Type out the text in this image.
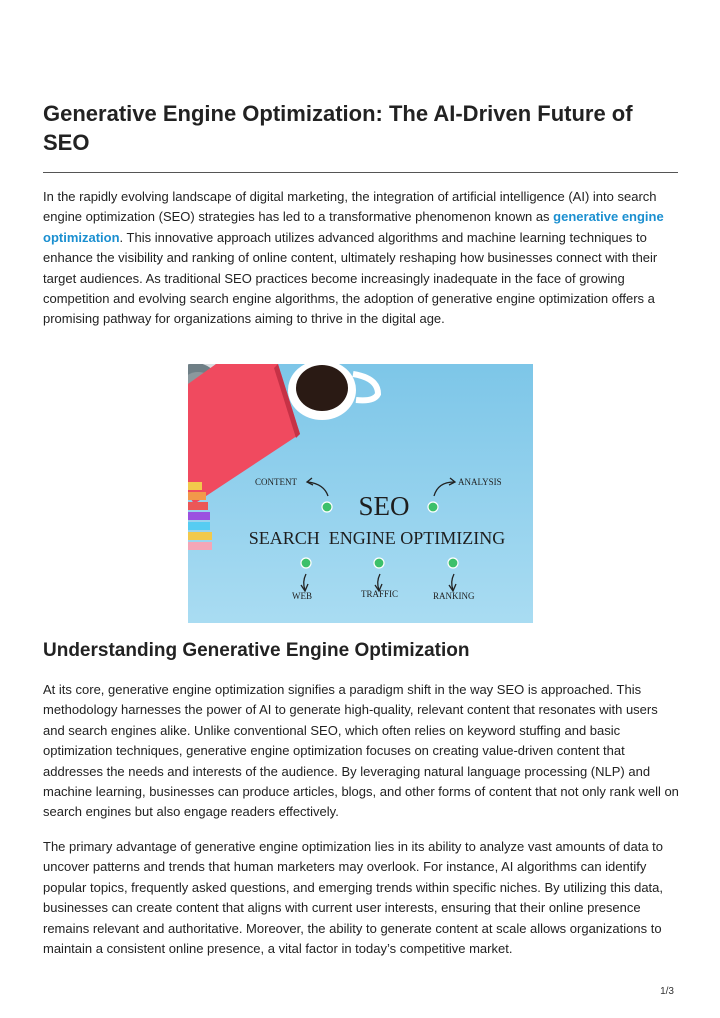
Generative Engine Optimization: The AI-Driven Future of SEO

In the rapidly evolving landscape of digital marketing, the integration of artificial intelligence (AI) into search engine optimization (SEO) strategies has led to a transformative phenomenon known as generative engine optimization. This innovative approach utilizes advanced algorithms and machine learning techniques to enhance the visibility and ranking of online content, ultimately reshaping how businesses connect with their target audiences. As traditional SEO practices become increasingly inadequate in the face of growing competition and evolving search engine algorithms, the adoption of generative engine optimization offers a promising pathway for organizations aiming to thrive in the digital age.

CONTENT	ANALYSIS
SEO
SEARCH  ENGINE OPTIMIZING
WEB	TRAFFIC	RANKING
Understanding Generative Engine Optimization

At its core, generative engine optimization signifies a paradigm shift in the way SEO is approached. This methodology harnesses the power of AI to generate high-quality, relevant content that resonates with users and search engines alike. Unlike conventional SEO, which often relies on keyword stuffing and basic optimization techniques, generative engine optimization focuses on creating value-driven content that addresses the needs and interests of the audience. By leveraging natural language processing (NLP) and machine learning, businesses can produce articles, blogs, and other forms of content that not only rank well on search engines but also engage readers effectively.

The primary advantage of generative engine optimization lies in its ability to analyze vast amounts of data to uncover patterns and trends that human marketers may overlook. For instance, AI algorithms can identify popular topics, frequently asked questions, and emerging trends within specific niches. By utilizing this data, businesses can create content that aligns with current user interests, ensuring that their online presence remains relevant and authoritative. Moreover, the ability to generate content at scale allows organizations to maintain a consistent online presence, a vital factor in today’s competitive market.

1/3
